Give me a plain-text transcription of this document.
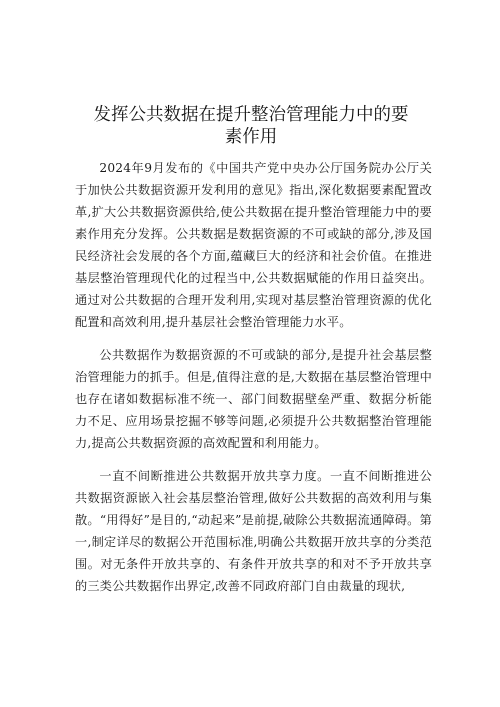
发挥公共数据在提升整治管理能力中的要素作用

2024年9月发布的《中国共产党中央办公厅国务院办公厅关于加快公共数据资源开发利用的意见》指出,深化数据要素配置改革,扩大公共数据资源供给,使公共数据在提升整治管理能力中的要素作用充分发挥。公共数据是数据资源的不可或缺的部分,涉及国民经济社会发展的各个方面,蕴藏巨大的经济和社会价值。在推进基层整治管理现代化的过程当中,公共数据赋能的作用日益突出。通过对公共数据的合理开发利用,实现对基层整治管理资源的优化配置和高效利用,提升基层社会整治管理能力水平。

公共数据作为数据资源的不可或缺的部分,是提升社会基层整治管理能力的抓手。但是,值得注意的是,大数据在基层整治管理中也存在诸如数据标准不统一、部门间数据壁垒严重、数据分析能力不足、应用场景挖掘不够等问题,必须提升公共数据整治管理能力,提高公共数据资源的高效配置和利用能力。

一直不间断推进公共数据开放共享力度。一直不间断推进公共数据资源嵌入社会基层整治管理,做好公共数据的高效利用与集散。“用得好”是目的,“动起来”是前提,破除公共数据流通障碍。第一,制定详尽的数据公开范围标准,明确公共数据开放共享的分类范围。对无条件开放共享的、有条件开放共享的和对不予开放共享的三类公共数据作出界定,改善不同政府部门自由裁量的现状,
